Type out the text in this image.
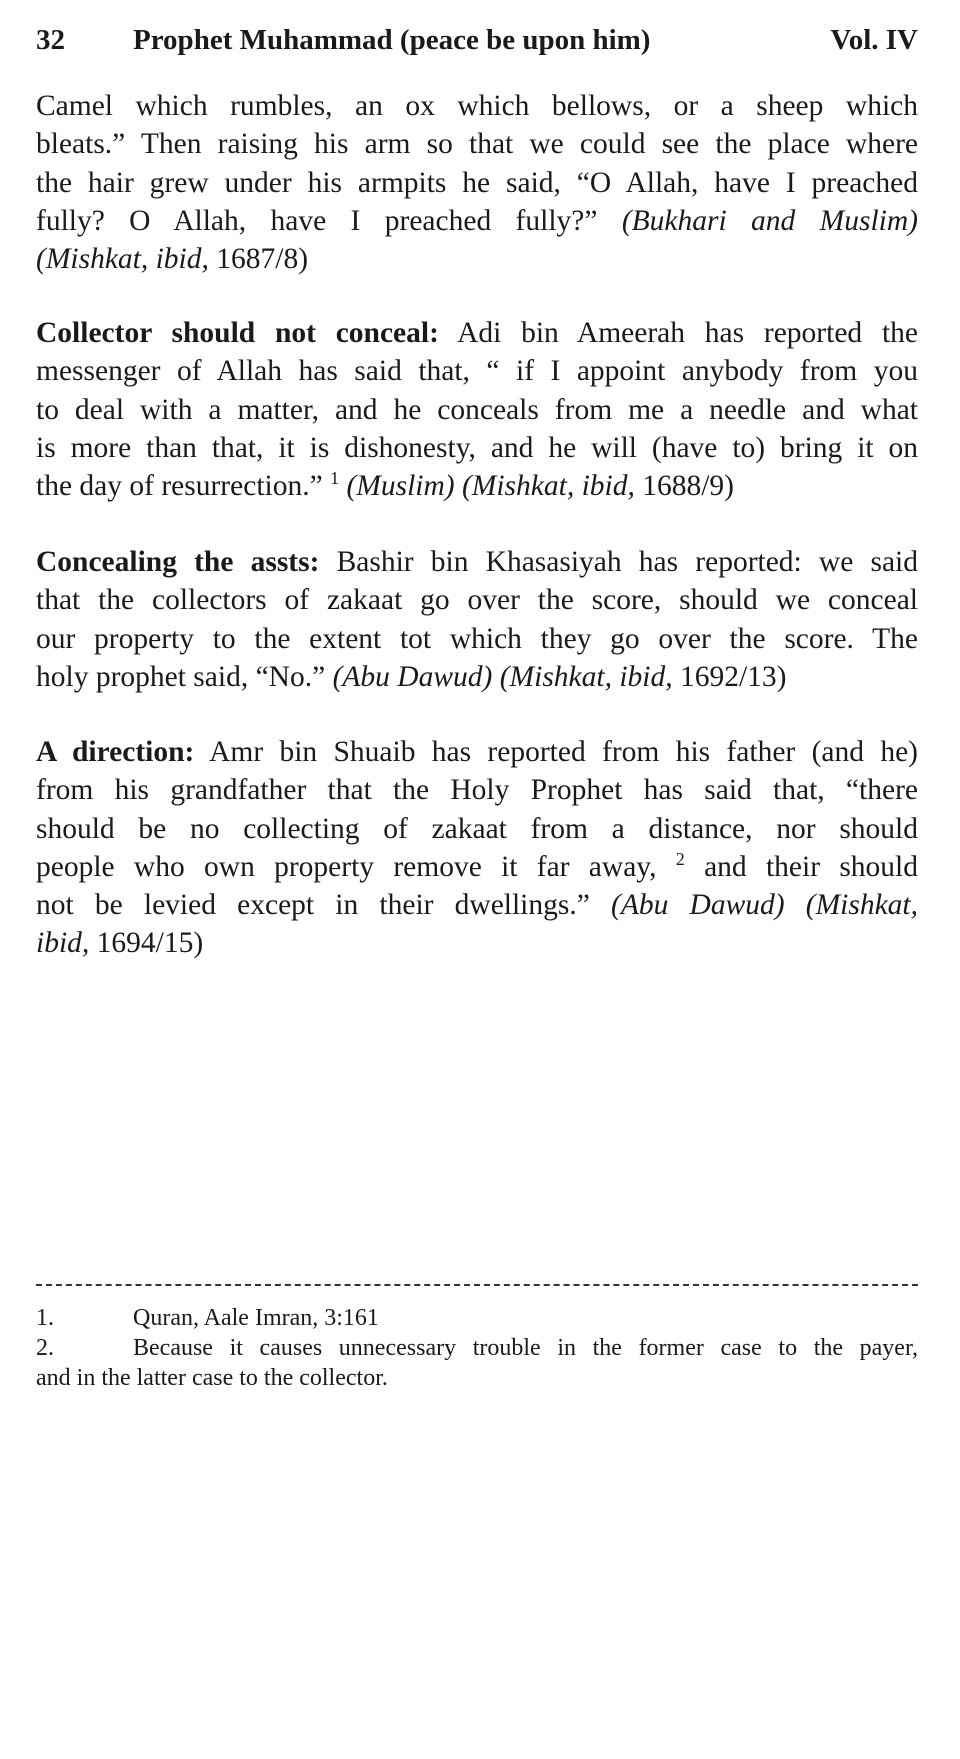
32 Prophet Muhammad (peace be upon him)	Vol. IV
Camel which rumbles, an ox which bellows, or a sheep which
bleats.” Then raising his arm so that we could see the place where
the hair grew under his armpits he said, “O Allah, have I preached
fully? O Allah, have I preached fully?” (Bukhari and Muslim)
(Mishkat, ibid, 1687/8)
Collector should not conceal: Adi bin Ameerah has reported the
messenger of Allah has said that, “ if I appoint anybody from you
to deal with a matter, and he conceals from me a needle and what
is more than that, it is dishonesty, and he will (have to) bring it on
the day of resurrection.” $^1$ (Muslim) (Mishkat, ibid, 1688/9)
Concealing the assts: Bashir bin Khasasiyah has reported: we said
that the collectors of zakaat go over the score, should we conceal
our property to the extent tot which they go over the score. The
holy prophet said, “No.” (Abu Dawud) (Mishkat, ibid, 1692/13)
A direction: Amr bin Shuaib has reported from his father (and he)
from his grandfather that the Holy Prophet has said that, “there
should be no collecting of zakaat from a distance, nor should
people who own property remove it far away, $^2$ and their should
not be levied except in their dwellings.” (Abu Dawud) (Mishkat,
ibid, 1694/15)
1.	Quran, Aale Imran, 3:161
2.	Because it causes unnecessary trouble in the former case to the payer,
and in the latter case to the collector.
